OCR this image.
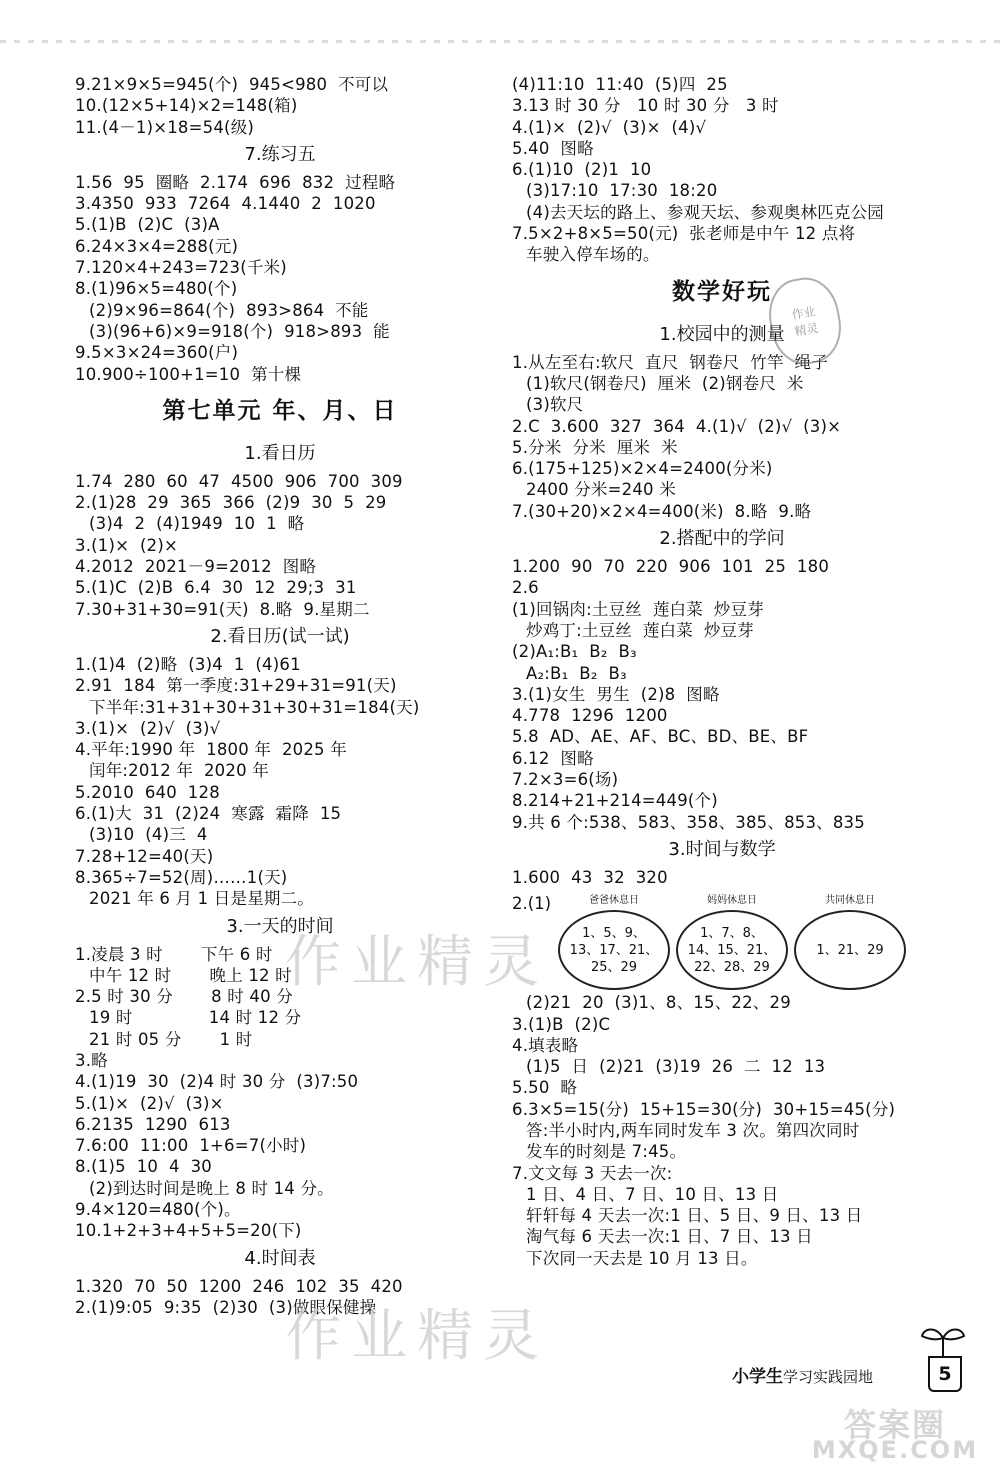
9.21×9×5=945(个)  945<980  不可以
10.(12×5+14)×2=148(箱)
11.(4－1)×18=54(级)
7.练习五
1.56  95  圈略  2.174  696  832  过程略
3.4350  933  7264  4.1440  2  1020
5.(1)B  (2)C  (3)A
6.24×3×4=288(元)
7.120×4+243=723(千米)
8.(1)96×5=480(个)
(2)9×96=864(个)  893>864  不能
(3)(96+6)×9=918(个)  918>893  能
9.5×3×24=360(户)
10.900÷100+1=10  第十棵
第七单元 年、月、日
1.看日历
1.74  280  60  47  4500  906  700  309
2.(1)28  29  365  366  (2)9  30  5  29
(3)4  2  (4)1949  10  1  略
3.(1)×  (2)×
4.2012  2021－9=2012  图略
5.(1)C  (2)B  6.4  30  12  29;3  31
7.30+31+30=91(天)  8.略  9.星期二
2.看日历(试一试)
1.(1)4  (2)略  (3)4  1  (4)61
2.91  184  第一季度:31+29+31=91(天)
下半年:31+31+30+31+30+31=184(天)
3.(1)×  (2)√  (3)√
4.平年:1990 年  1800 年  2025 年
闰年:2012 年  2020 年
5.2010  640  128
6.(1)大  31  (2)24  寒露  霜降  15
(3)10  (4)三  4
7.28+12=40(天)
8.365÷7=52(周)……1(天)
2021 年 6 月 1 日是星期二。
3.一天的时间
1.凌晨 3 时       下午 6 时
中午 12 时       晚上 12 时
2.5 时 30 分       8 时 40 分
19 时              14 时 12 分
21 时 05 分       1 时
3.略
4.(1)19  30  (2)4 时 30 分  (3)7:50
5.(1)×  (2)√  (3)×
6.2135  1290  613
7.6:00  11:00  1+6=7(小时)
8.(1)5  10  4  30
(2)到达时间是晚上 8 时 14 分。
9.4×120=480(个)。
10.1+2+3+4+5+5=20(下)
4.时间表
1.320  70  50  1200  246  102  35  420
2.(1)9:05  9:35  (2)30  (3)做眼保健操
(4)11:10  11:40  (5)四  25
3.13 时 30 分   10 时 30 分   3 时
4.(1)×  (2)√  (3)×  (4)√
5.40  图略
6.(1)10  (2)1  10
(3)17:10  17:30  18:20
(4)去天坛的路上、参观天坛、参观奥林匹克公园
7.5×2+8×5=50(元)  张老师是中午 12 点将
车驶入停车场的。
数学好玩
1.校园中的测量
1.从左至右:软尺  直尺  钢卷尺  竹竿  绳子
(1)软尺(钢卷尺)  厘米  (2)钢卷尺  米
(3)软尺
2.C  3.600  327  364  4.(1)√  (2)√  (3)×
5.分米  分米  厘米  米
6.(175+125)×2×4=2400(分米)
2400 分米=240 米
7.(30+20)×2×4=400(米)  8.略  9.略
2.搭配中的学问
1.200  90  70  220  906  101  25  180
2.6
(1)回锅肉:土豆丝  莲白菜  炒豆芽
炒鸡丁:土豆丝  莲白菜  炒豆芽
(2)A₁:B₁  B₂  B₃
A₂:B₁  B₂  B₃
3.(1)女生  男生  (2)8  图略
4.778  1296  1200
5.8  AD、AE、AF、BC、BD、BE、BF
6.12  图略
7.2×3=6(场)
8.214+21+214=449(个)
9.共 6 个:538、583、358、385、853、835
3.时间与数学
1.600  43  32  320
2.(1)	爸爸休息日
1、5、9、
13、17、21、
25、29
妈妈休息日
1、7、8、
14、15、21、
22、28、29
共同休息日
1、21、29
(2)21  20  (3)1、8、15、22、29
3.(1)B  (2)C
4.填表略
(1)5  日  (2)21  (3)19  26  二  12  13
5.50  略
6.3×5=15(分)  15+15=30(分)  30+15=45(分)
答:半小时内,两车同时发车 3 次。第四次同时
发车的时刻是 7:45。
7.文文每 3 天去一次:
1 日、4 日、7 日、10 日、13 日
轩轩每 4 天去一次:1 日、5 日、9 日、13 日
淘气每 6 天去一次:1 日、7 日、13 日
下次同一天去是 10 月 13 日。
作业
精灵
作业精灵
作业精灵
小学生学习实践园地	5
答案圈
MXQE.COM
